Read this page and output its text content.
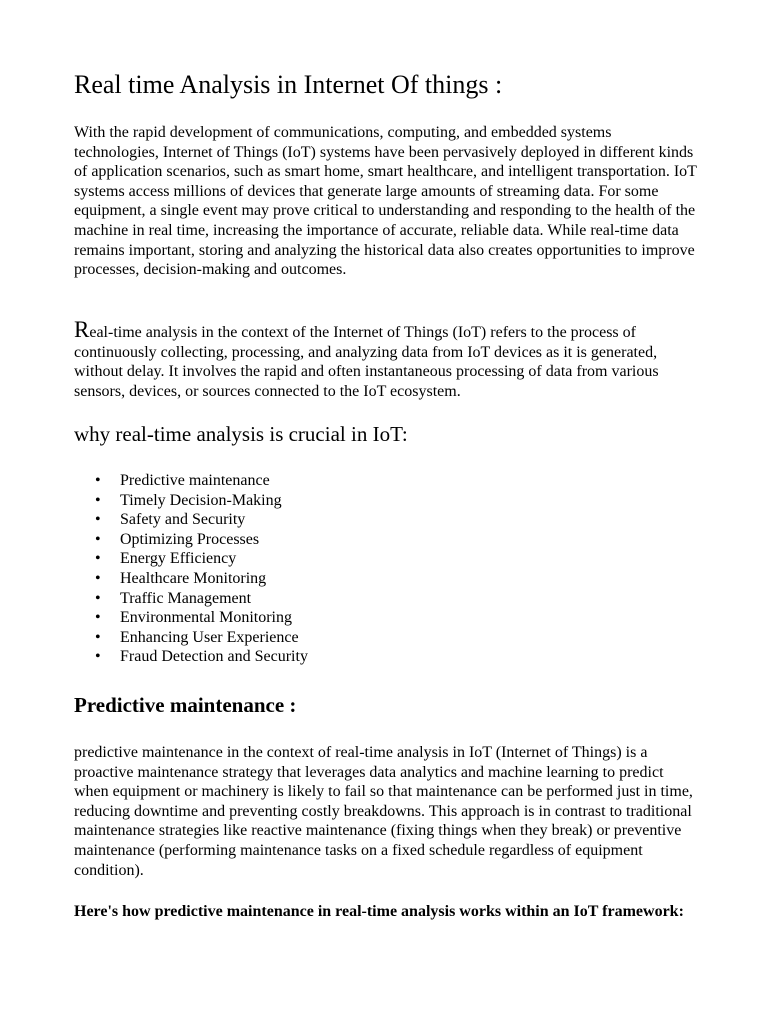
Real time Analysis in Internet Of things :

With the rapid development of communications, computing, and embedded systems technologies, Internet of Things (IoT) systems have been pervasively deployed in different kinds of application scenarios, such as smart home, smart healthcare, and intelligent transportation. IoT systems access millions of devices that generate large amounts of streaming data. For some equipment, a single event may prove critical to understanding and responding to the health of the machine in real time, increasing the importance of accurate, reliable data. While real-time data remains important, storing and analyzing the historical data also creates opportunities to improve processes, decision-making and outcomes.

Real-time analysis in the context of the Internet of Things (IoT) refers to the process of continuously collecting, processing, and analyzing data from IoT devices as it is generated, without delay. It involves the rapid and often instantaneous processing of data from various sensors, devices, or sources connected to the IoT ecosystem.

why real-time analysis is crucial in IoT:
• Predictive maintenance
• Timely Decision-Making
• Safety and Security
• Optimizing Processes
• Energy Efficiency
• Healthcare Monitoring
• Traffic Management
• Environmental Monitoring
• Enhancing User Experience
• Fraud Detection and Security
Predictive maintenance :

predictive maintenance in the context of real-time analysis in IoT (Internet of Things) is a proactive maintenance strategy that leverages data analytics and machine learning to predict when equipment or machinery is likely to fail so that maintenance can be performed just in time, reducing downtime and preventing costly breakdowns. This approach is in contrast to traditional maintenance strategies like reactive maintenance (fixing things when they break) or preventive maintenance (performing maintenance tasks on a fixed schedule regardless of equipment condition).

Here's how predictive maintenance in real-time analysis works within an IoT framework:
